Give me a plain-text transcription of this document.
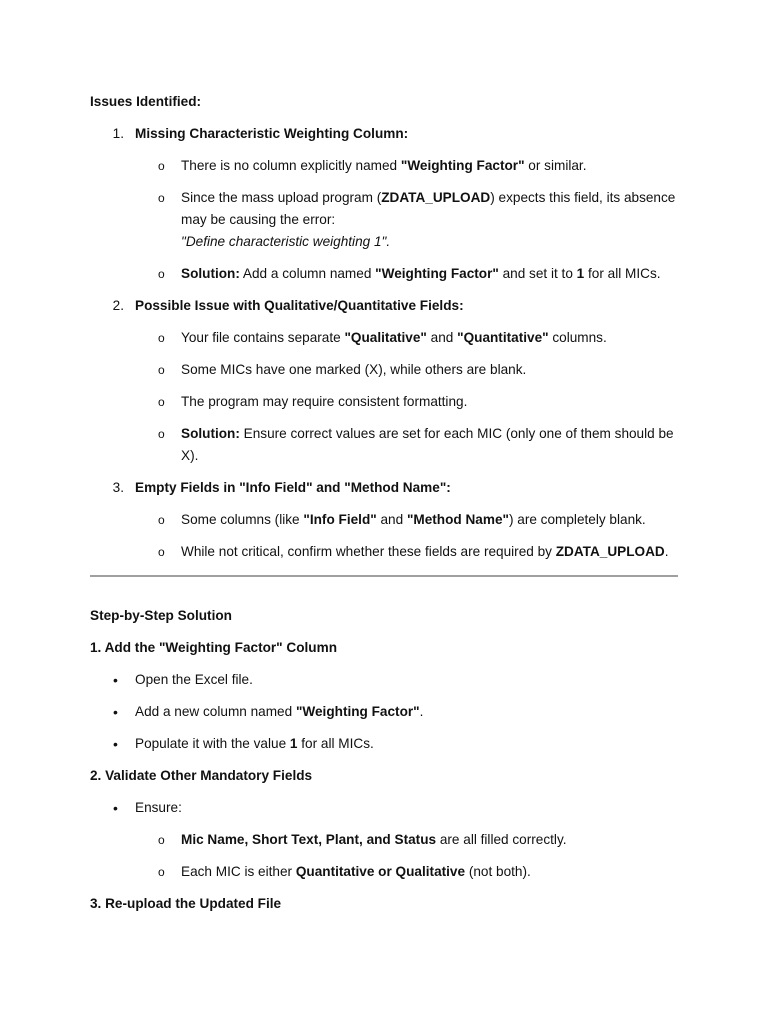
Issues Identified:
1. Missing Characteristic Weighting Column:
o There is no column explicitly named "Weighting Factor" or similar.
o Since the mass upload program (ZDATA_UPLOAD) expects this field, its absence
may be causing the error:
"Define characteristic weighting 1".
o Solution: Add a column named "Weighting Factor" and set it to 1 for all MICs.
2. Possible Issue with Qualitative/Quantitative Fields:
o Your file contains separate "Qualitative" and "Quantitative" columns.
o Some MICs have one marked (X), while others are blank.
o The program may require consistent formatting.
o Solution: Ensure correct values are set for each MIC (only one of them should be
X).
3. Empty Fields in "Info Field" and "Method Name":
o Some columns (like "Info Field" and "Method Name") are completely blank.
o While not critical, confirm whether these fields are required by ZDATA_UPLOAD.
Step-by-Step Solution
1. Add the "Weighting Factor" Column
• Open the Excel file.
• Add a new column named "Weighting Factor".
• Populate it with the value 1 for all MICs.
2. Validate Other Mandatory Fields
• Ensure:
o Mic Name, Short Text, Plant, and Status are all filled correctly.
o Each MIC is either Quantitative or Qualitative (not both).
3. Re-upload the Updated File
